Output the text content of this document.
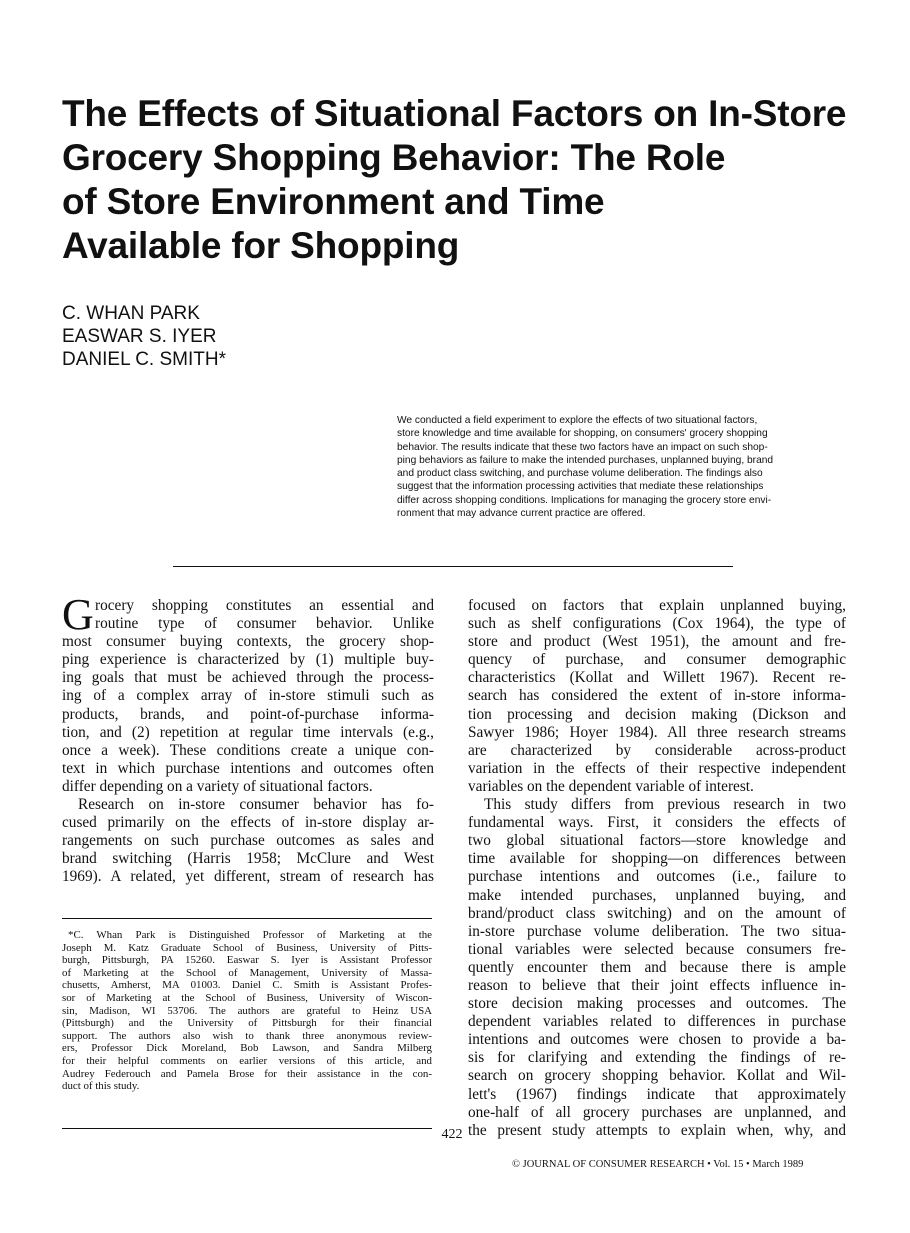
The Effects of Situational Factors on In-Store
Grocery Shopping Behavior: The Role
of Store Environment and Time
Available for Shopping
C. WHAN PARK
EASWAR S. IYER
DANIEL C. SMITH*
We conducted a field experiment to explore the effects of two situational factors,
store knowledge and time available for shopping, on consumers' grocery shopping
behavior. The results indicate that these two factors have an impact on such shop-
ping behaviors as failure to make the intended purchases, unplanned buying, brand
and product class switching, and purchase volume deliberation. The findings also
suggest that the information processing activities that mediate these relationships
differ across shopping conditions. Implications for managing the grocery store envi-
ronment that may advance current practice are offered.
G rocery shopping constitutes an essential and
routine type of consumer behavior. Unlike
most consumer buying contexts, the grocery shop-
ping experience is characterized by (1) multiple buy-
ing goals that must be achieved through the process-
ing of a complex array of in-store stimuli such as
products, brands, and point-of-purchase informa-
tion, and (2) repetition at regular time intervals (e.g.,
once a week). These conditions create a unique con-
text in which purchase intentions and outcomes often
differ depending on a variety of situational factors.
Research on in-store consumer behavior has fo-
cused primarily on the effects of in-store display ar-
rangements on such purchase outcomes as sales and
brand switching (Harris 1958; McClure and West
1969). A related, yet different, stream of research has
*C. Whan Park is Distinguished Professor of Marketing at the
Joseph M. Katz Graduate School of Business, University of Pitts-
burgh, Pittsburgh, PA 15260. Easwar S. Iyer is Assistant Professor
of Marketing at the School of Management, University of Massa-
chusetts, Amherst, MA 01003. Daniel C. Smith is Assistant Profes-
sor of Marketing at the School of Business, University of Wiscon-
sin, Madison, WI 53706. The authors are grateful to Heinz USA
(Pittsburgh) and the University of Pittsburgh for their financial
support. The authors also wish to thank three anonymous review-
ers, Professor Dick Moreland, Bob Lawson, and Sandra Milberg
for their helpful comments on earlier versions of this article, and
Audrey Federouch and Pamela Brose for their assistance in the con-
duct of this study.
focused on factors that explain unplanned buying,
such as shelf configurations (Cox 1964), the type of
store and product (West 1951), the amount and fre-
quency of purchase, and consumer demographic
characteristics (Kollat and Willett 1967). Recent re-
search has considered the extent of in-store informa-
tion processing and decision making (Dickson and
Sawyer 1986; Hoyer 1984). All three research streams
are characterized by considerable across-product
variation in the effects of their respective independent
variables on the dependent variable of interest.
This study differs from previous research in two
fundamental ways. First, it considers the effects of
two global situational factors—store knowledge and
time available for shopping—on differences between
purchase intentions and outcomes (i.e., failure to
make intended purchases, unplanned buying, and
brand/product class switching) and on the amount of
in-store purchase volume deliberation. The two situa-
tional variables were selected because consumers fre-
quently encounter them and because there is ample
reason to believe that their joint effects influence in-
store decision making processes and outcomes. The
dependent variables related to differences in purchase
intentions and outcomes were chosen to provide a ba-
sis for clarifying and extending the findings of re-
search on grocery shopping behavior. Kollat and Wil-
lett's (1967) findings indicate that approximately
one-half of all grocery purchases are unplanned, and
the present study attempts to explain when, why, and
422
© JOURNAL OF CONSUMER RESEARCH • Vol. 15 • March 1989
